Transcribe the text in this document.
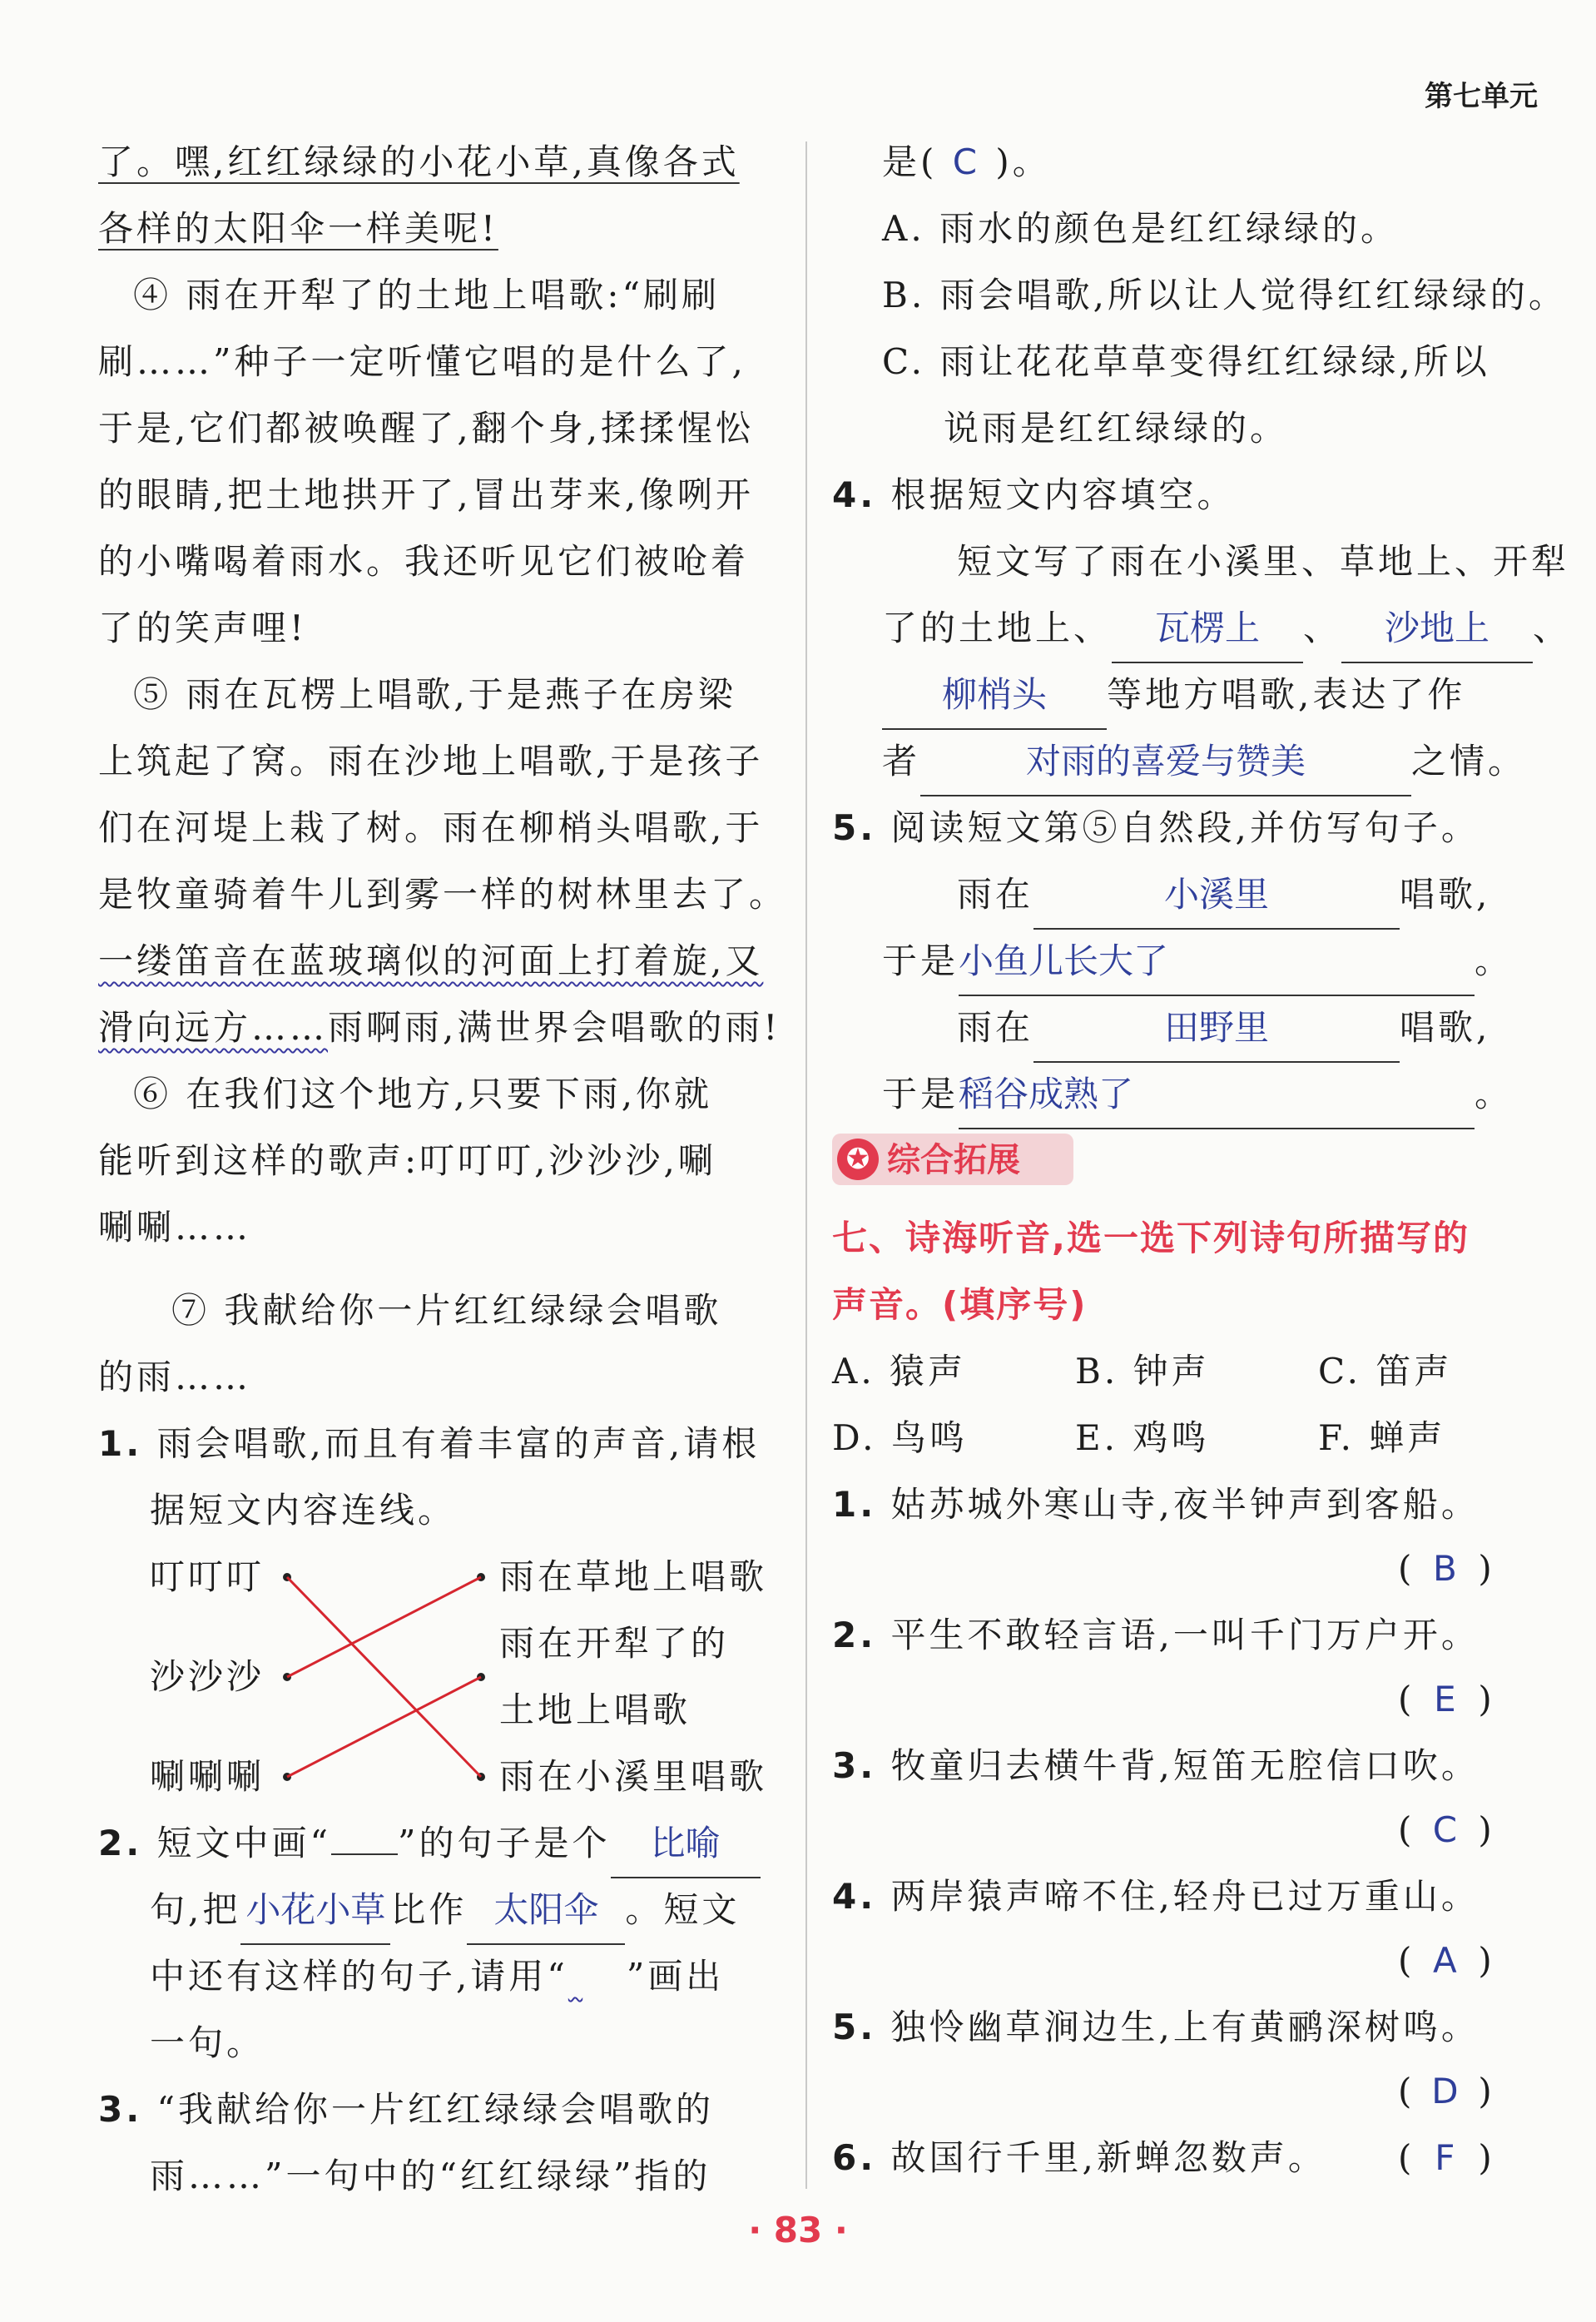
第七单元
· 83 ·
了。嘿,红红绿绿的小花小草,真像各式
各样的太阳伞一样美呢!
④ 雨在开犁了的土地上唱歌:“刷刷
刷……”种子一定听懂它唱的是什么了,
于是,它们都被唤醒了,翻个身,揉揉惺忪
的眼睛,把土地拱开了,冒出芽来,像咧开
的小嘴喝着雨水。我还听见它们被呛着
了的笑声哩!
⑤ 雨在瓦楞上唱歌,于是燕子在房梁
上筑起了窝。雨在沙地上唱歌,于是孩子
们在河堤上栽了树。雨在柳梢头唱歌,于
是牧童骑着牛儿到雾一样的树林里去了。
一缕笛音在蓝玻璃似的河面上打着旋,又
滑向远方……雨啊雨,满世界会唱歌的雨!
⑥ 在我们这个地方,只要下雨,你就
能听到这样的歌声:叮叮叮,沙沙沙,唰
唰唰……
⑦ 我献给你一片红红绿绿会唱歌
的雨……
1. 雨会唱歌,而且有着丰富的声音,请根
据短文内容连线。
叮叮叮
沙沙沙
唰唰唰
雨在草地上唱歌
雨在开犁了的
土地上唱歌
雨在小溪里唱歌
2. 短文中画“ ”的句子是个 比喻
句,把 小花小草 比作 太阳伞 。短文
中还有这样的句子,请用“ ”画出
一句。
3. “我献给你一片红红绿绿会唱歌的
雨……”一句中的“红红绿绿”指的
是( C )。
A. 雨水的颜色是红红绿绿的。
B. 雨会唱歌,所以让人觉得红红绿绿的。
C. 雨让花花草草变得红红绿绿,所以
说雨是红红绿绿的。
4. 根据短文内容填空。
短文写了雨在小溪里、草地上、开犁
了的土地上、 瓦楞上 、 沙地上 、
柳梢头 等地方唱歌,表达了作
者	对雨的喜爱与赞美	之情。
5. 阅读短文第⑤自然段,并仿写句子。
雨在	小溪里	唱歌,
于是小鱼儿长大了	。
雨在	田野里	唱歌,
于是稻谷成熟了	。
✪ 综合拓展
七、诗海听音,选一选下列诗句所描写的
声音。(填序号)
A. 猿声	B. 钟声	C. 笛声
D. 鸟鸣	E. 鸡鸣	F. 蝉声
1. 姑苏城外寒山寺,夜半钟声到客船。
( B )
2. 平生不敢轻言语,一叫千门万户开。
( E )
3. 牧童归去横牛背,短笛无腔信口吹。
( C )
4. 两岸猿声啼不住,轻舟已过万重山。
( A )
5. 独怜幽草涧边生,上有黄鹂深树鸣。
( D )
6. 故国行千里,新蝉忽数声。 ( F )
